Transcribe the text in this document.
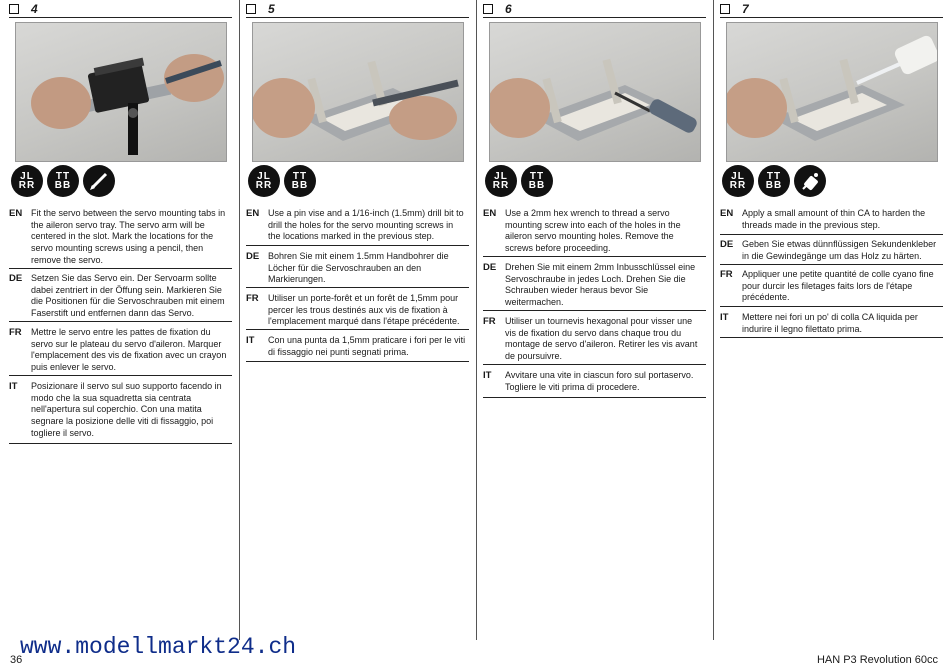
4
JL
RR
TT
BB
EN Fit the servo between the servo mounting tabs in the aileron servo tray. The servo arm will be centered in the slot. Mark the locations for the servo mounting screws using a pencil, then remove the servo.
DE Setzen Sie das Servo ein. Der Servoarm sollte dabei zentriert in der Öffung sein. Markieren Sie die Positionen für die Servoschrauben mit einem Faserstift und entfernen dann das Servo.
FR Mettre le servo entre les pattes de fixation du servo sur le plateau du servo d'aileron. Marquer l'emplacement des vis de fixation avec un crayon puis enlever le servo.
IT Posizionare il servo sul suo supporto facendo in modo che la sua squadretta sia centrata nell'apertura sul coperchio. Con una matita segnare la posizione delle viti di fissaggio, poi togliere il servo.
5
JL
RR
TT
BB
EN Use a pin vise and a 1/16-inch (1.5mm) drill bit to drill the holes for the servo mounting screws in the locations marked in the previous step.
DE Bohren Sie mit einem 1.5mm Handbohrer die Löcher für die Servoschrauben an den Markierungen.
FR Utiliser un porte-forêt et un forêt de 1,5mm pour percer les trous destinés aux vis de fixation à l'emplacement marqué dans l'étape précédente.
IT Con una punta da 1,5mm praticare i fori per le viti di fissaggio nei punti segnati prima.
6
JL
RR
TT
BB
EN Use a 2mm hex wrench to thread a servo mounting screw into each of the holes in the aileron servo mounting holes. Remove the screws before proceeding.
DE Drehen Sie mit einem 2mm Inbusschlüssel eine Servoschraube in jedes Loch. Drehen Sie die Schrauben wieder heraus bevor Sie weitermachen.
FR Utiliser un tournevis hexagonal pour visser une vis de fixation du servo dans chaque trou du montage de servo d'aileron. Retirer les vis avant de poursuivre.
IT Avvitare una vite in ciascun foro sul portaservo. Togliere le viti prima di procedere.
7
JL
RR
TT
BB
EN Apply a small amount of thin CA to harden the threads made in the previous step.
DE Geben Sie etwas dünnflüssigen Sekundenkleber in die Gewindegänge um das Holz zu härten.
FR Appliquer une petite quantité de colle cyano fine pour durcir les filetages faits lors de l'étape précédente.
IT Mettere nei fori un po' di colla CA liquida per indurire il legno filettato prima.
www.modellmarkt24.ch
36	HAN P3 Revolution 60cc
